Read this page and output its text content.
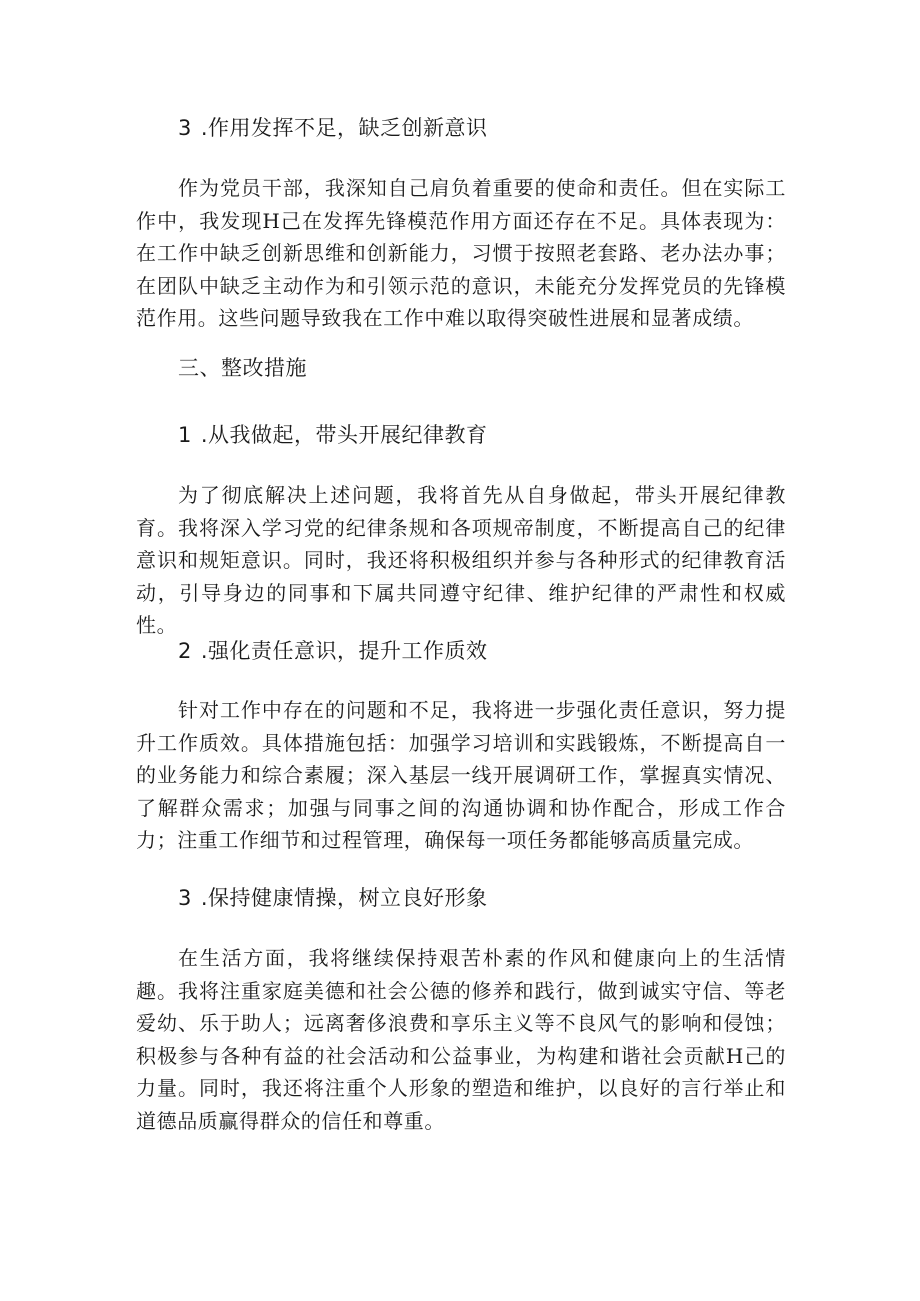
3 .作用发挥不足，缺乏创新意识
作为党员干部，我深知自己肩负着重要的使命和责任。但在实际工作中，我发现H己在发挥先锋模范作用方面还存在不足。具体表现为：在工作中缺乏创新思维和创新能力，习惯于按照老套路、老办法办事；在团队中缺乏主动作为和引领示范的意识，未能充分发挥党员的先锋模范作用。这些问题导致我在工作中难以取得突破性进展和显著成绩。
三、整改措施
1 .从我做起，带头开展纪律教育
为了彻底解决上述问题，我将首先从自身做起，带头开展纪律教育。我将深入学习党的纪律条规和各项规帝制度，不断提高自己的纪律意识和规矩意识。同时，我还将积极组织并参与各种形式的纪律教育活动，引导身边的同事和下属共同遵守纪律、维护纪律的严肃性和权威性。
2 .强化责任意识，提升工作质效
针对工作中存在的问题和不足，我将进一步强化责任意识，努力提升工作质效。具体措施包括：加强学习培训和实践锻炼，不断提高自一的业务能力和综合素履；深入基层一线开展调研工作，掌握真实情况、了解群众需求；加强与同事之间的沟通协调和协作配合，形成工作合力；注重工作细节和过程管理，确保每一项任务都能够高质量完成。
3 .保持健康情操，树立良好形象
在生活方面，我将继续保持艰苦朴素的作风和健康向上的生活情趣。我将注重家庭美德和社会公德的修养和践行，做到诚实守信、等老爱幼、乐于助人；远离奢侈浪费和享乐主义等不良风气的影响和侵蚀；积极参与各种有益的社会活动和公益事业，为构建和谐社会贡献H己的力量。同时，我还将注重个人形象的塑造和维护，以良好的言行举止和道德品质赢得群众的信任和尊重。
